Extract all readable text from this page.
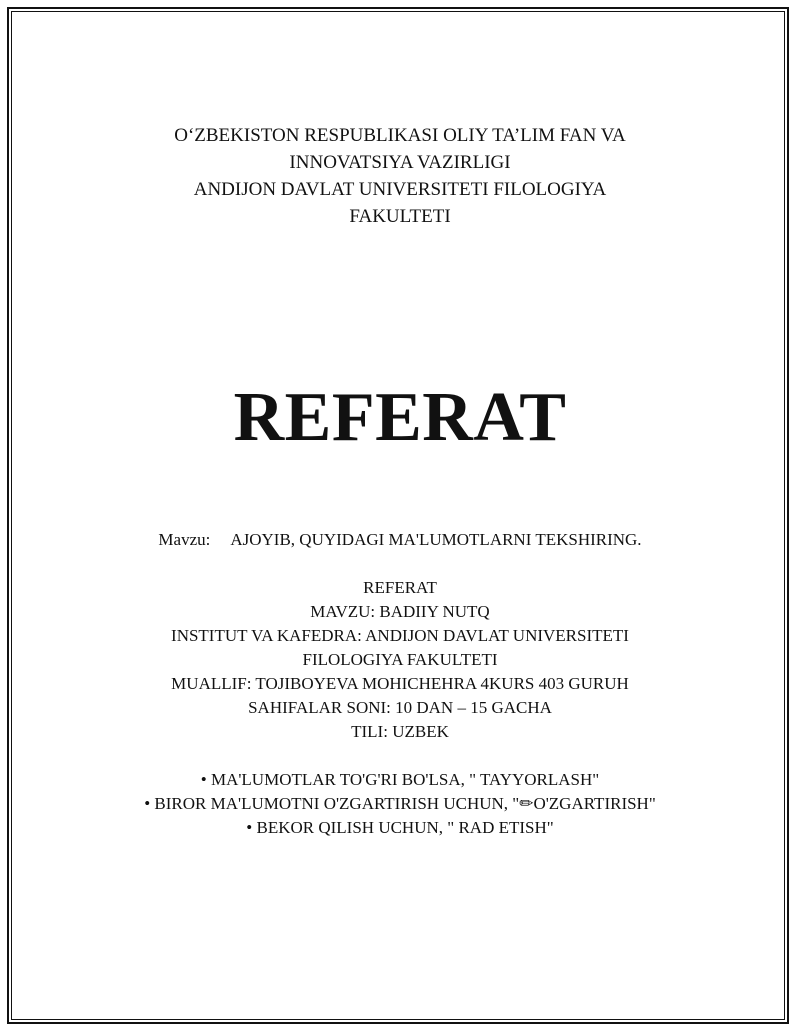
O‘ZBEKISTON RESPUBLIKASI OLIY TA’LIM FAN VA
INNOVATSIYA VAZIRLIGI
ANDIJON DAVLAT UNIVERSITETI FILOLOGIYA
FAKULTETI
REFERAT
Mavzu: AJOYIB, QUYIDAGI MA'LUMOTLARNI TEKSHIRING.
REFERAT
MAVZU: BADIIY NUTQ
INSTITUT VA KAFEDRA: ANDIJON DAVLAT UNIVERSITETI
FILOLOGIYA FAKULTETI
MUALLIF: TOJIBOYEVA MOHICHEHRA 4KURS 403 GURUH
SAHIFALAR SONI: 10 DAN – 15 GACHA
TILI: UZBEK
• MA'LUMOTLAR TO'G'RI BO'LSA, " TAYYORLASH"
• BIROR MA'LUMOTNI O'ZGARTIRISH UCHUN, "✏O'ZGARTIRISH"
• BEKOR QILISH UCHUN, " RAD ETISH"
